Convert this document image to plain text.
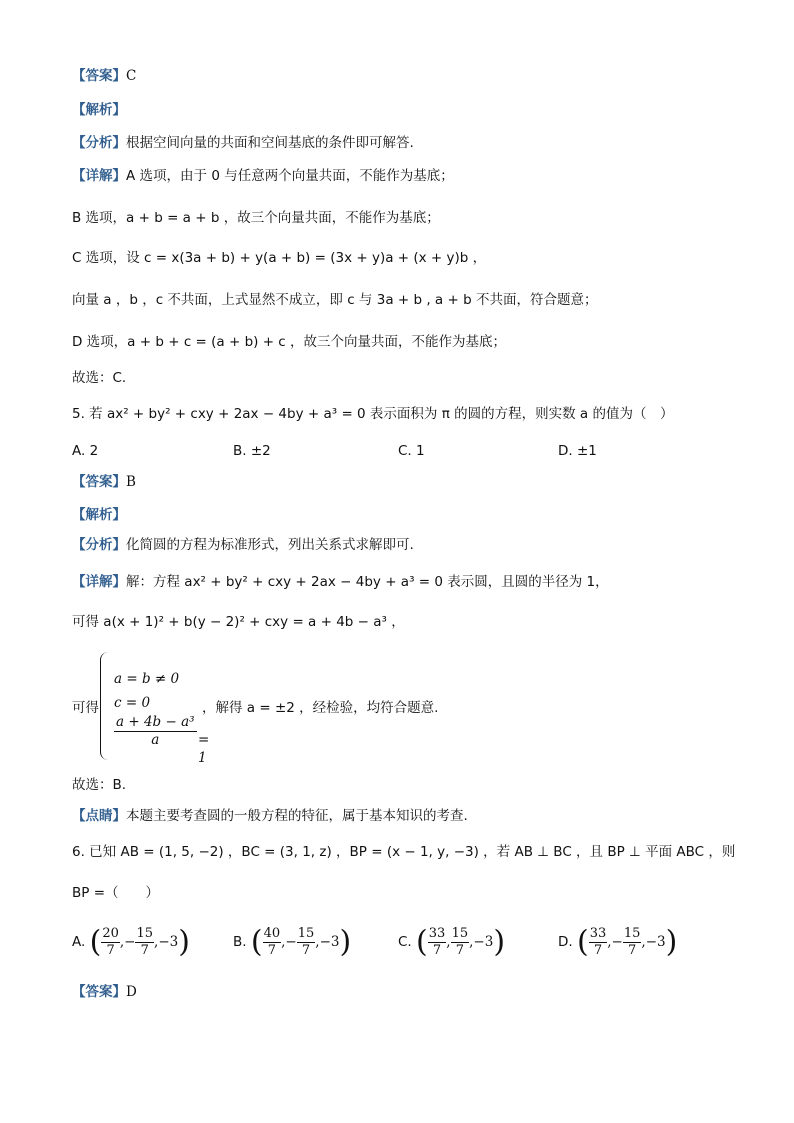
【答案】C
【解析】
【分析】根据空间向量的共面和空间基底的条件即可解答.
【详解】A 选项，由于 0 与任意两个向量共面，不能作为基底；
B 选项，a + b = a + b ，故三个向量共面，不能作为基底；
C 选项，设 c = x(3a + b) + y(a + b) = (3x + y)a + (x + y)b ，
向量 a ，b ，c 不共面，上式显然不成立，即 c 与 3a + b , a + b 不共面，符合题意；
D 选项，a + b + c = (a + b) + c ，故三个向量共面，不能作为基底；
故选：C.
5. 若 ax² + by² + cxy + 2ax − 4by + a³ = 0 表示面积为 π 的圆的方程，则实数 a 的值为（　）
A. 2	B. ±2	C. 1	D. ±1
【答案】B
【解析】
【分析】化简圆的方程为标准形式，列出关系式求解即可.
【详解】解：方程 ax² + by² + cxy + 2ax − 4by + a³ = 0 表示圆，且圆的半径为 1，
可得 a(x + 1)² + b(y − 2)² + cxy = a + 4b − a³ ，
可得
a = b ≠ 0
c = 0
$\frac{\text{a + 4b − a³}}{a} = 1$
，解得 a = ±2 ，经检验，均符合题意.
故选：B.
【点睛】本题主要考查圆的一般方程的特征，属于基本知识的考查.
6. 已知 AB = (1, 5, −2) ，BC = (3, 1, z) ，BP = (x − 1, y, −3) ，若 AB ⊥ BC ，且 BP ⊥ 平面 ABC ，则
BP =（　　）
A. ( $\frac{20}{7}$ ,− $\frac{15}{7} ,-3$)	B. ( $\frac{40}{7}$ ,− $\frac{15}{7} ,-3$)	C. ( $\frac{33}{7}$ , $\frac{15}{7} ,-3$)	D. ( $\frac{33}{7}$ ,− $\frac{15}{7} ,-3$)
【答案】D
